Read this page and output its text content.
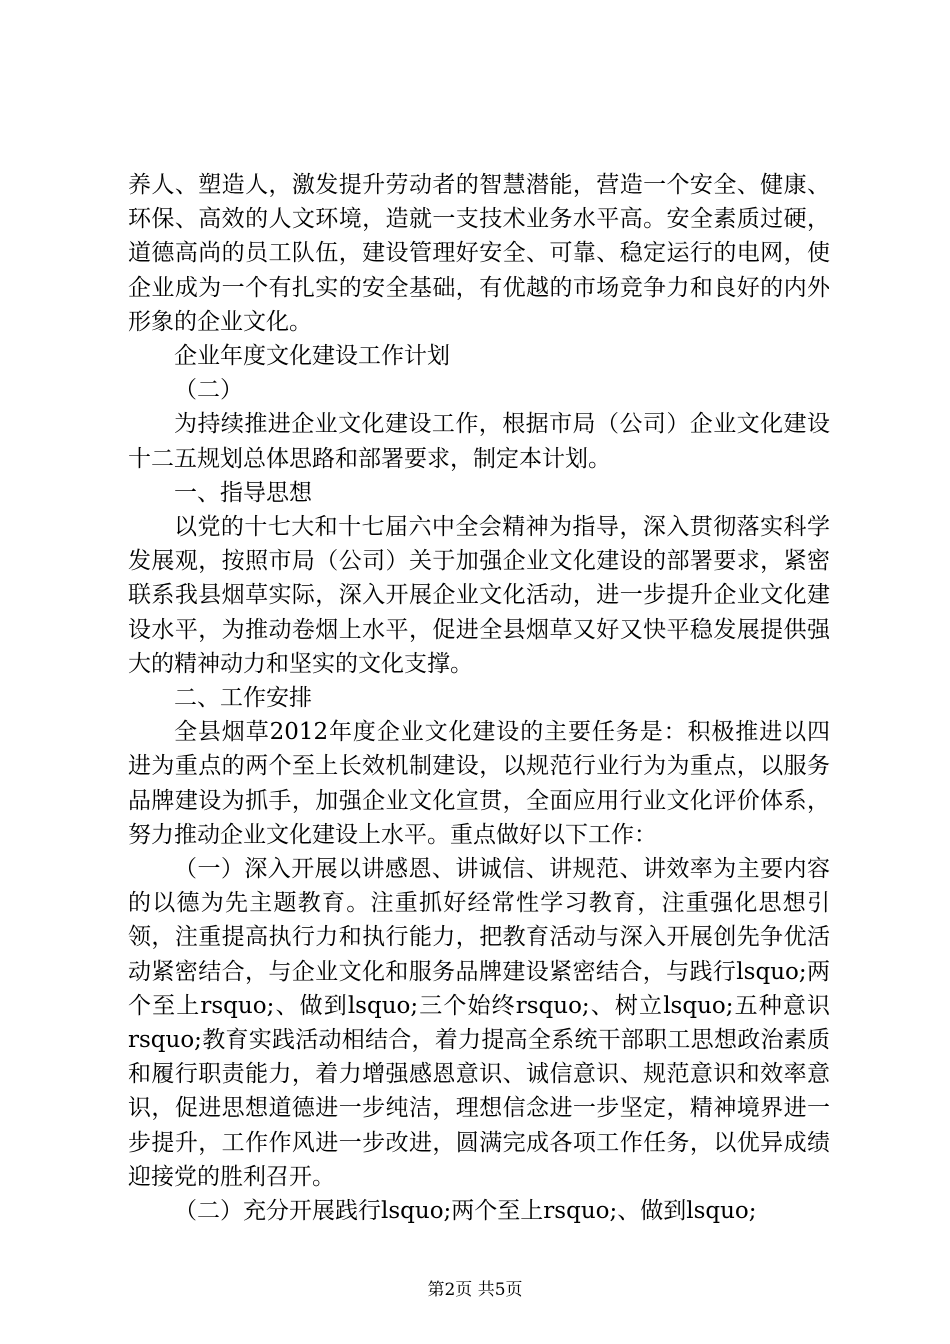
养人、塑造人，激发提升劳动者的智慧潜能，营造一个安全、健康、环保、高效的人文环境，造就一支技术业务水平高。安全素质过硬，道德高尚的员工队伍，建设管理好安全、可靠、稳定运行的电网，使企业成为一个有扎实的安全基础，有优越的市场竞争力和良好的内外形象的企业文化。

企业年度文化建设工作计划

（二）

为持续推进企业文化建设工作，根据市局（公司）企业文化建设十二五规划总体思路和部署要求，制定本计划。

一、指导思想

以党的十七大和十七届六中全会精神为指导，深入贯彻落实科学发展观，按照市局（公司）关于加强企业文化建设的部署要求，紧密联系我县烟草实际，深入开展企业文化活动，进一步提升企业文化建设水平，为推动卷烟上水平，促进全县烟草又好又快平稳发展提供强大的精神动力和坚实的文化支撑。

二、工作安排

全县烟草2012年度企业文化建设的主要任务是：积极推进以四进为重点的两个至上长效机制建设，以规范行业行为为重点，以服务品牌建设为抓手，加强企业文化宣贯，全面应用行业文化评价体系，努力推动企业文化建设上水平。重点做好以下工作：

（一）深入开展以讲感恩、讲诚信、讲规范、讲效率为主要内容的以德为先主题教育。注重抓好经常性学习教育，注重强化思想引领，注重提高执行力和执行能力，把教育活动与深入开展创先争优活动紧密结合，与企业文化和服务品牌建设紧密结合，与践行lsquo;两个至上rsquo;、做到lsquo;三个始终rsquo;、树立lsquo;五种意识rsquo;教育实践活动相结合，着力提高全系统干部职工思想政治素质和履行职责能力，着力增强感恩意识、诚信意识、规范意识和效率意识，促进思想道德进一步纯洁，理想信念进一步坚定，精神境界进一步提升，工作作风进一步改进，圆满完成各项工作任务，以优异成绩迎接党的胜利召开。

（二）充分开展践行lsquo;两个至上rsquo;、做到lsquo;

第2页 共5页
